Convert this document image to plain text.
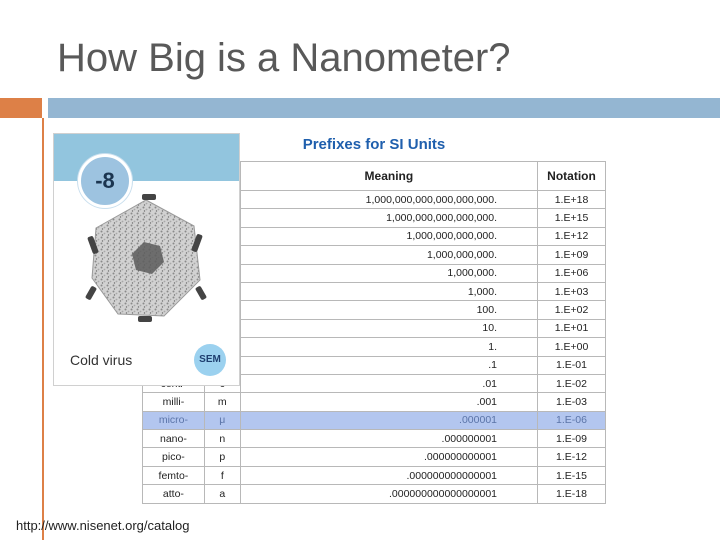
How Big is a Nanometer?
Prefixes for SI Units
		Meaning	Notation
		1,000,000,000,000,000,000.	1.E+18
		1,000,000,000,000,000.	1.E+15
		1,000,000,000,000.	1.E+12
		1,000,000,000.	1.E+09
		1,000,000.	1.E+06
		1,000.	1.E+03
		100.	1.E+02
		10.	1.E+01
		1.	1.E+00
		.1	1.E-01
		.01	1.E-02
milli-	m	.001	1.E-03
micro-	μ	.000001	1.E-06
nano-	n	.000000001	1.E-09
pico-	p	.000000000001	1.E-12
femto-	f	.000000000000001	1.E-15
atto-	a	.000000000000000001	1.E-18
-8
Cold virus	SEM
http://www.nisenet.org/catalog
